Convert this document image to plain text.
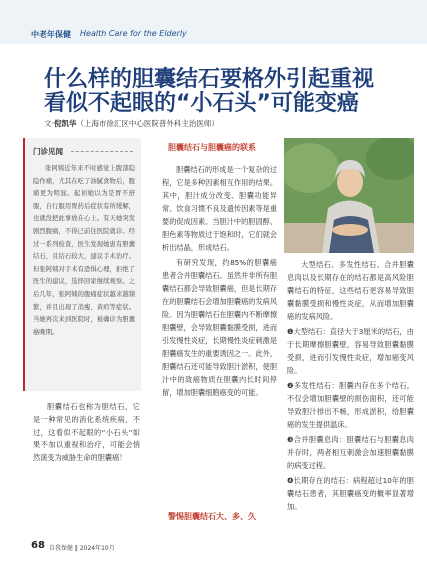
中老年保健 Health Care for the Elderly
什么样的胆囊结石要格外引起重视
看似不起眼的“小石头”可能变癌
文·倪凯华（上海市徐汇区中心医院普外科主治医师）
门诊见闻
张阿姨近年来不时感觉上腹部隐隐作痛，尤其在吃了油腻食物后，腹痛更为明显。起初她以为是胃不舒服，自行服用胃药后症状有所缓解，也就没把此事放在心上。有天她突发剧烈腹痛，不得已前往医院就诊。经过一系列检查，医生发现她患有胆囊结石，且结石较大，建议手术治疗。但张阿姨对手术有恐惧心理，拒绝了医生的建议，选择回家继续观察。之后几年，张阿姨的腹痛症状越来越频繁，并且出现了消瘦、黄疸等症状。当她再次来到医院时，被确诊为胆囊癌晚期。
胆囊结石也称为胆结石，它是一种常见的消化系统疾病，不过，这看似不起眼的“小石头”如果不加以重视和治疗，可能会悄然演变为威胁生命的胆囊癌！
胆囊结石与胆囊癌的联系

胆囊结石的形成是一个复杂的过程，它是多种因素相互作用的结果。其中，胆汁成分改变、胆囊功能异常、饮食习惯不良及遗传因素等是重要的促成因素。当胆汁中的胆固醇、胆色素等物质过于饱和时，它们就会析出结晶，形成结石。

有研究发现，约85%的胆囊癌患者合并胆囊结石。虽然并非所有胆囊结石都会导致胆囊癌，但是长期存在的胆囊结石会增加胆囊癌的发病风险。因为胆囊结石在胆囊内不断摩擦胆囊壁，会导致胆囊黏膜受损，进而引发慢性炎症，长期慢性炎症刺激是胆囊癌发生的重要诱因之一。此外，胆囊结石还可能导致胆汁淤积，使胆汁中的致癌物质在胆囊内长时间停留，增加胆囊细胞癌变的可能。

警惕胆囊结石大、多、久

大型结石、多发性结石、合并胆囊息肉以及长期存在的结石都是高风险胆囊结石的特征，这些结石更容易导致胆囊黏膜受损和慢性炎症，从而增加胆囊癌的发病风险。

❶大型结石：直径大于3厘米的结石，由于长期摩擦胆囊壁，容易导致胆囊黏膜受损，进而引发慢性炎症，增加癌变风险。

❷多发性结石：胆囊内存在多个结石，不仅会增加胆囊壁的损伤面积，还可能导致胆汁排出不畅，形成淤积，给胆囊癌的发生提供温床。

❸合并胆囊息肉：胆囊结石与胆囊息肉并存时，两者相互刺激会加速胆囊黏膜的病变过程。

❹长期存在的结石：病程超过10年的胆囊结石患者，其胆囊癌变的概率显著增加。

68 自我保健 ‖ 2024年10月
